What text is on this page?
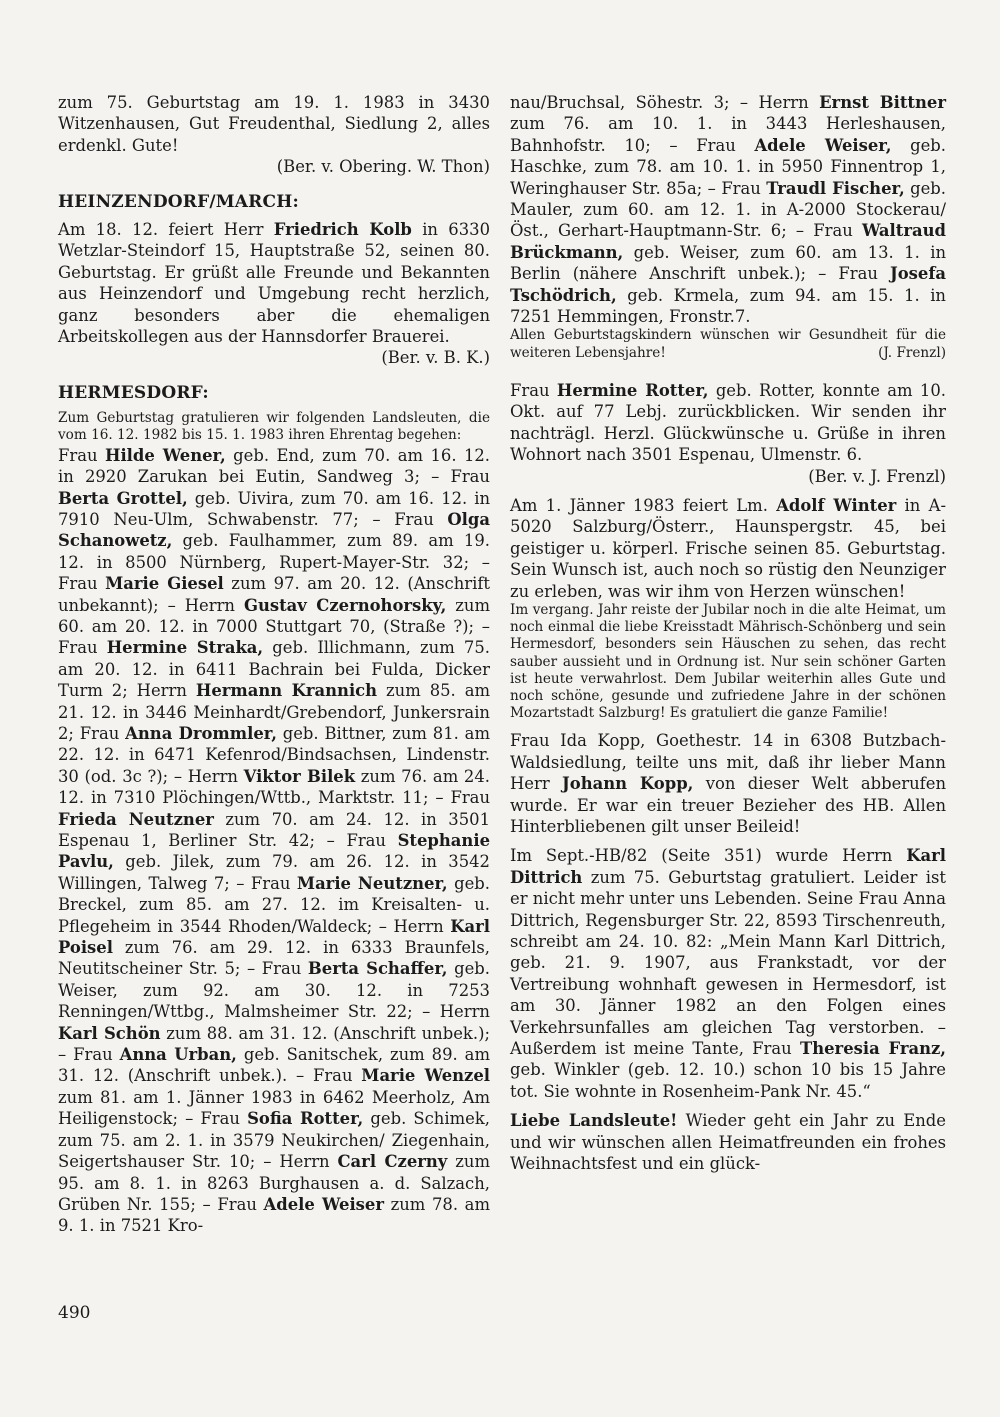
zum 75. Geburtstag am 19. 1. 1983 in 3430 Witzenhausen, Gut Freudenthal, Siedlung 2, alles erdenkl. Gute!

(Ber. v. Obering. W. Thon)

HEINZENDORF/MARCH:

Am 18. 12. feiert Herr Friedrich Kolb in 6330 Wetzlar-Steindorf 15, Hauptstraße 52, seinen 80. Geburtstag. Er grüßt alle Freunde und Bekannten aus Heinzendorf und Umgebung recht herzlich, ganz besonders aber die ehemaligen Arbeitskollegen aus der Hannsdorfer Brauerei.

(Ber. v. B. K.)

HERMESDORF:

Zum Geburtstag gratulieren wir folgenden Landsleuten, die vom 16. 12. 1982 bis 15. 1. 1983 ihren Ehrentag begehen:

Frau Hilde Wener, geb. End, zum 70. am 16. 12. in 2920 Zarukan bei Eutin, Sandweg 3; – Frau Berta Grottel, geb. Uivira, zum 70. am 16. 12. in 7910 Neu-Ulm, Schwabenstr. 77; – Frau Olga Schanowetz, geb. Faulhammer, zum 89. am 19. 12. in 8500 Nürnberg, Rupert-Mayer-Str. 32; – Frau Marie Giesel zum 97. am 20. 12. (Anschrift unbekannt); – Herrn Gustav Czernohorsky, zum 60. am 20. 12. in 7000 Stuttgart 70, (Straße ?); – Frau Hermine Straka, geb. Illichmann, zum 75. am 20. 12. in 6411 Bachrain bei Fulda, Dicker Turm 2; Herrn Hermann Krannich zum 85. am 21. 12. in 3446 Meinhardt/Grebendorf, Junkersrain 2; Frau Anna Drommler, geb. Bittner, zum 81. am 22. 12. in 6471 Kefenrod/Bindsachsen, Lindenstr. 30 (od. 3c ?); – Herrn Viktor Bilek zum 76. am 24. 12. in 7310 Plöchingen/Wttb., Marktstr. 11; – Frau Frieda Neutzner zum 70. am 24. 12. in 3501 Espenau 1, Berliner Str. 42; – Frau Stephanie Pavlu, geb. Jilek, zum 79. am 26. 12. in 3542 Willingen, Talweg 7; – Frau Marie Neutzner, geb. Breckel, zum 85. am 27. 12. im Kreisalten- u. Pflegeheim in 3544 Rhoden/Waldeck; – Herrn Karl Poisel zum 76. am 29. 12. in 6333 Braunfels, Neutitscheiner Str. 5; – Frau Berta Schaffer, geb. Weiser, zum 92. am 30. 12. in 7253 Renningen/Wttbg., Malmsheimer Str. 22; – Herrn Karl Schön zum 88. am 31. 12. (Anschrift unbek.); – Frau Anna Urban, geb. Sanitschek, zum 89. am 31. 12. (Anschrift unbek.). – Frau Marie Wenzel zum 81. am 1. Jänner 1983 in 6462 Meerholz, Am Heiligenstock; – Frau Sofia Rotter, geb. Schimek, zum 75. am 2. 1. in 3579 Neukirchen/ Ziegenhain, Seigertshauser Str. 10; – Herrn Carl Czerny zum 95. am 8. 1. in 8263 Burghausen a. d. Salzach, Grüben Nr. 155; – Frau Adele Weiser zum 78. am 9. 1. in 7521 Kro-

nau/Bruchsal, Söhestr. 3; – Herrn Ernst Bittner zum 76. am 10. 1. in 3443 Herleshausen, Bahnhofstr. 10; – Frau Adele Weiser, geb. Haschke, zum 78. am 10. 1. in 5950 Finnentrop 1, Weringhauser Str. 85a; – Frau Traudl Fischer, geb. Mauler, zum 60. am 12. 1. in A-2000 Stockerau/Öst., Gerhart-Hauptmann-Str. 6; – Frau Waltraud Brückmann, geb. Weiser, zum 60. am 13. 1. in Berlin (nähere Anschrift unbek.); – Frau Josefa Tschödrich, geb. Krmela, zum 94. am 15. 1. in 7251 Hemmingen, Fronstr.7.

Allen Geburtstagskindern wünschen wir Gesundheit für die weiteren Lebensjahre!	(J. Frenzl)

Frau Hermine Rotter, geb. Rotter, konnte am 10. Okt. auf 77 Lebj. zurückblicken. Wir senden ihr nachträgl. Herzl. Glückwünsche u. Grüße in ihren Wohnort nach 3501 Espenau, Ulmenstr. 6.

(Ber. v. J. Frenzl)

Am 1. Jänner 1983 feiert Lm. Adolf Winter in A-5020 Salzburg/Österr., Haunspergstr. 45, bei geistiger u. körperl. Frische seinen 85. Geburtstag. Sein Wunsch ist, auch noch so rüstig den Neunziger zu erleben, was wir ihm von Herzen wünschen!

Im vergang. Jahr reiste der Jubilar noch in die alte Heimat, um noch einmal die liebe Kreisstadt Mährisch-Schönberg und sein Hermesdorf, besonders sein Häuschen zu sehen, das recht sauber aussieht und in Ordnung ist. Nur sein schöner Garten ist heute verwahrlost. Dem Jubilar weiterhin alles Gute und noch schöne, gesunde und zufriedene Jahre in der schönen Mozartstadt Salzburg! Es gratuliert die ganze Familie!

Frau Ida Kopp, Goethestr. 14 in 6308 Butzbach-Waldsiedlung, teilte uns mit, daß ihr lieber Mann Herr Johann Kopp, von dieser Welt abberufen wurde. Er war ein treuer Bezieher des HB. Allen Hinterbliebenen gilt unser Beileid!

Im Sept.-HB/82 (Seite 351) wurde Herrn Karl Dittrich zum 75. Geburtstag gratuliert. Leider ist er nicht mehr unter uns Lebenden. Seine Frau Anna Dittrich, Regensburger Str. 22, 8593 Tirschenreuth, schreibt am 24. 10. 82: „Mein Mann Karl Dittrich, geb. 21. 9. 1907, aus Frankstadt, vor der Vertreibung wohnhaft gewesen in Hermesdorf, ist am 30. Jänner 1982 an den Folgen eines Verkehrsunfalles am gleichen Tag verstorben. – Außerdem ist meine Tante, Frau Theresia Franz, geb. Winkler (geb. 12. 10.) schon 10 bis 15 Jahre tot. Sie wohnte in Rosenheim-Pank Nr. 45.“

Liebe Landsleute! Wieder geht ein Jahr zu Ende und wir wünschen allen Heimatfreunden ein frohes Weihnachtsfest und ein glück-

490
